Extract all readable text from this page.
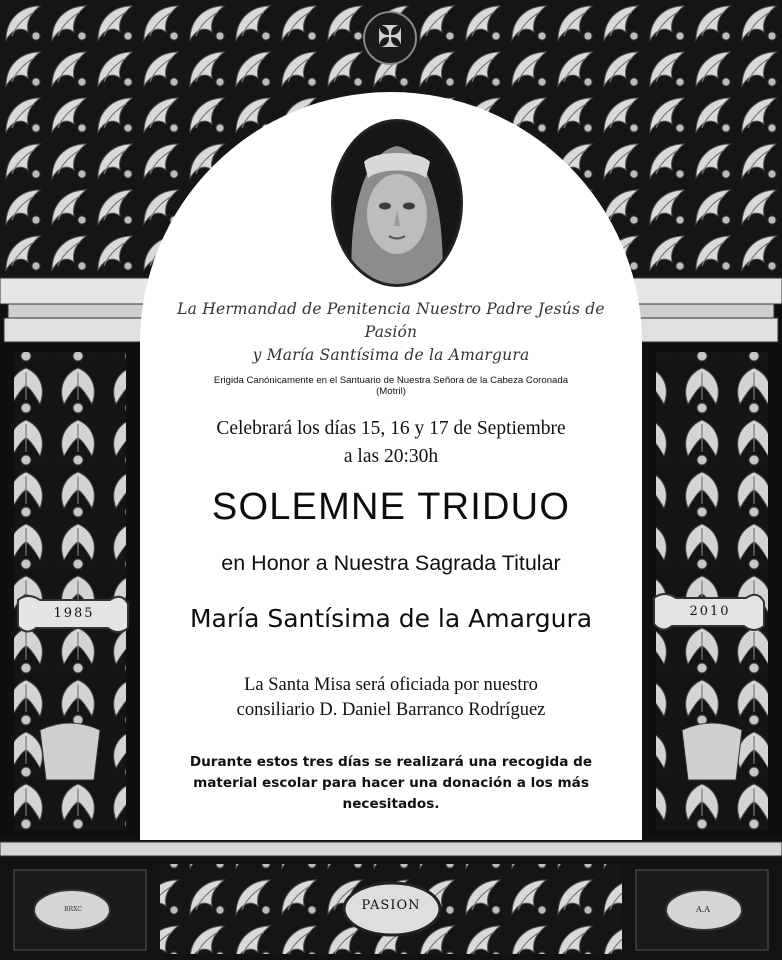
✠

La Hermandad de Penitencia Nuestro Padre Jesús de Pasión
y María Santísima de la Amargura

Erigida Canónicamente en el Santuario de Nuestra Señora de la Cabeza Coronada
(Motril)

Celebrará los días 15, 16 y 17 de Septiembre
a las 20:30h

SOLEMNE TRIDUO

en Honor a Nuestra Sagrada Titular

María Santísima de la Amargura

La Santa Misa será oficiada por nuestro
consiliario D. Daniel Barranco Rodríguez

Durante estos tres días se realizará una recogida de
material escolar para hacer una donación a los más
necesitados.

1985	2010
PASION	A.A
BRXC
